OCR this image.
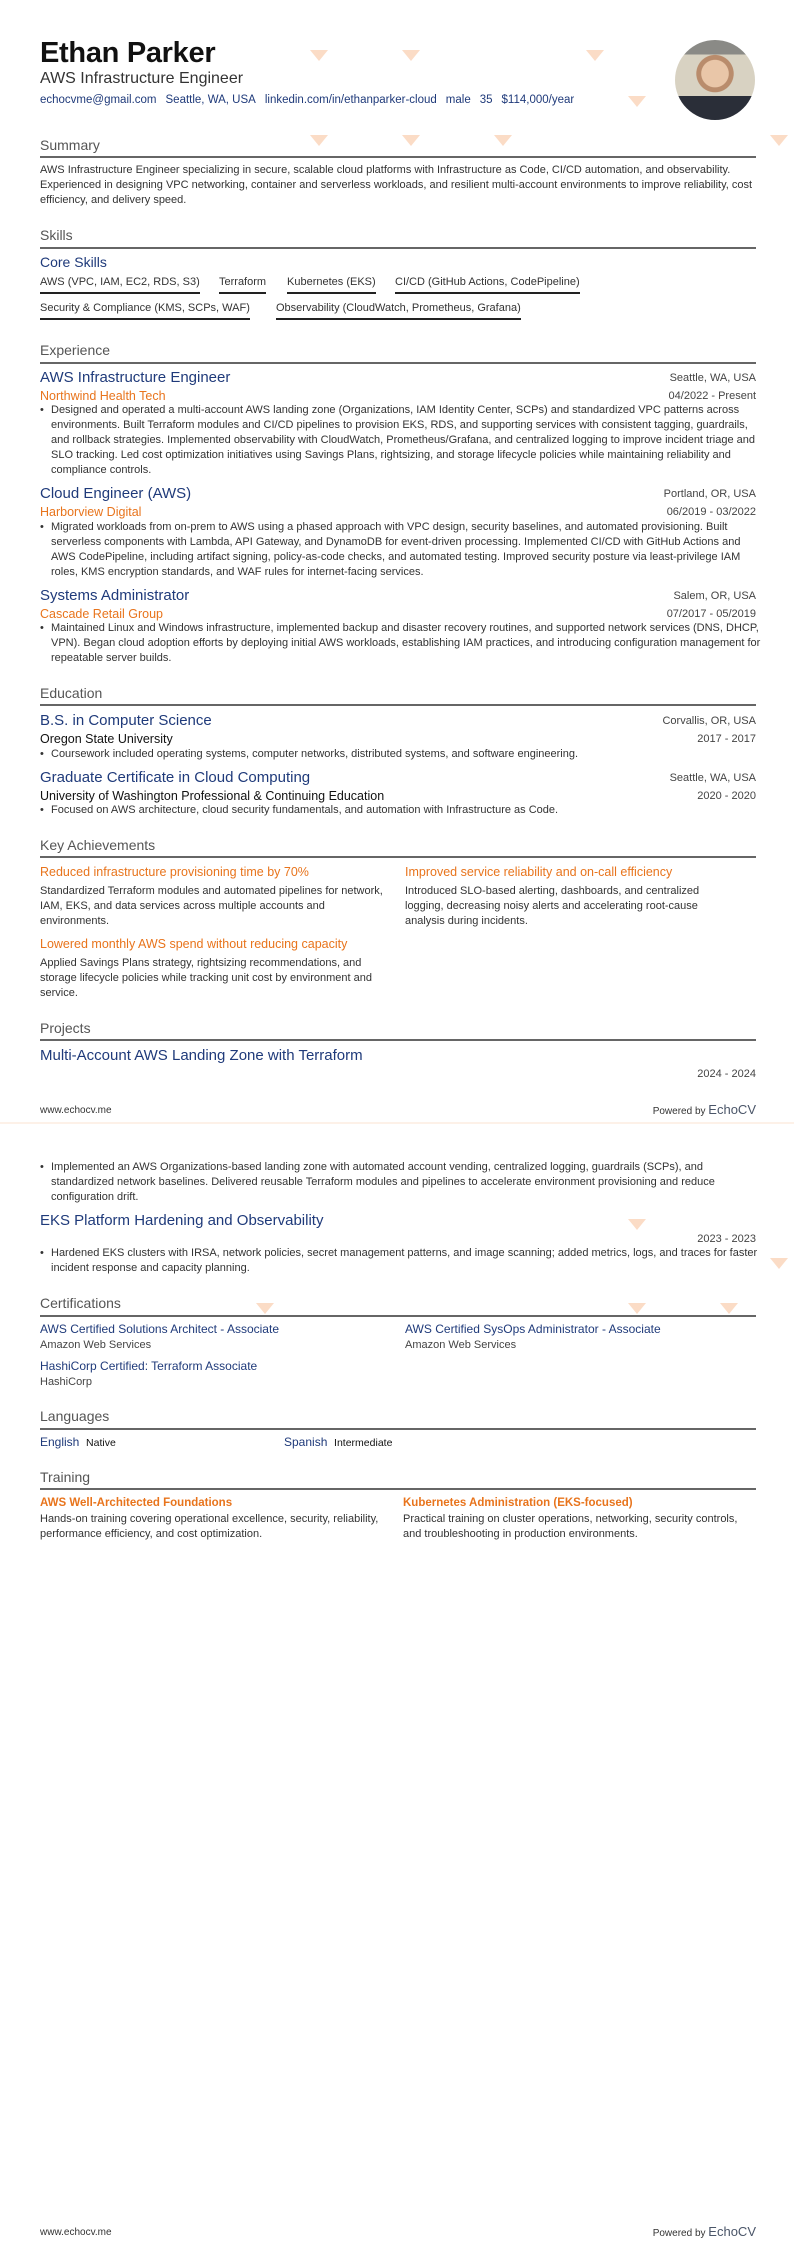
Ethan Parker
AWS Infrastructure Engineer
echocvme@gmail.com Seattle, WA, USA linkedin.com/in/ethanparker-cloud male 35 $114,000/year
Summary
AWS Infrastructure Engineer specializing in secure, scalable cloud platforms with Infrastructure as Code, CI/CD automation, and observability. Experienced in designing VPC networking, container and serverless workloads, and resilient multi-account environments to improve reliability, cost efficiency, and delivery speed.
Skills
Core Skills
AWS (VPC, IAM, EC2, RDS, S3) Terraform Kubernetes (EKS) CI/CD (GitHub Actions, CodePipeline)
Security & Compliance (KMS, SCPs, WAF) Observability (CloudWatch, Prometheus, Grafana)
Experience
AWS Infrastructure Engineer	Seattle, WA, USA
Northwind Health Tech	04/2022 - Present
• Designed and operated a multi-account AWS landing zone (Organizations, IAM Identity Center, SCPs) and standardized VPC patterns across environments. Built Terraform modules and CI/CD pipelines to provision EKS, RDS, and supporting services with consistent tagging, guardrails, and rollback strategies. Implemented observability with CloudWatch, Prometheus/Grafana, and centralized logging to improve incident triage and SLO tracking. Led cost optimization initiatives using Savings Plans, rightsizing, and storage lifecycle policies while maintaining reliability and compliance controls.
Cloud Engineer (AWS)	Portland, OR, USA
Harborview Digital	06/2019 - 03/2022
• Migrated workloads from on-prem to AWS using a phased approach with VPC design, security baselines, and automated provisioning. Built serverless components with Lambda, API Gateway, and DynamoDB for event-driven processing. Implemented CI/CD with GitHub Actions and AWS CodePipeline, including artifact signing, policy-as-code checks, and automated testing. Improved security posture via least-privilege IAM roles, KMS encryption standards, and WAF rules for internet-facing services.
Systems Administrator	Salem, OR, USA
Cascade Retail Group	07/2017 - 05/2019
• Maintained Linux and Windows infrastructure, implemented backup and disaster recovery routines, and supported network services (DNS, DHCP, VPN). Began cloud adoption efforts by deploying initial AWS workloads, establishing IAM practices, and introducing configuration management for repeatable server builds.
Education
B.S. in Computer Science	Corvallis, OR, USA
Oregon State University	2017 - 2017
• Coursework included operating systems, computer networks, distributed systems, and software engineering.
Graduate Certificate in Cloud Computing	Seattle, WA, USA
University of Washington Professional & Continuing Education	2020 - 2020
• Focused on AWS architecture, cloud security fundamentals, and automation with Infrastructure as Code.
Key Achievements
Reduced infrastructure provisioning time by 70%
Standardized Terraform modules and automated pipelines for network, IAM, EKS, and data services across multiple accounts and environments.
Improved service reliability and on-call efficiency
Introduced SLO-based alerting, dashboards, and centralized logging, decreasing noisy alerts and accelerating root-cause analysis during incidents.
Lowered monthly AWS spend without reducing capacity
Applied Savings Plans strategy, rightsizing recommendations, and storage lifecycle policies while tracking unit cost by environment and service.
Projects
Multi-Account AWS Landing Zone with Terraform
2024 - 2024
www.echocv.me	Powered by EchoCV
• Implemented an AWS Organizations-based landing zone with automated account vending, centralized logging, guardrails (SCPs), and standardized network baselines. Delivered reusable Terraform modules and pipelines to accelerate environment provisioning and reduce configuration drift.
EKS Platform Hardening and Observability
2023 - 2023
• Hardened EKS clusters with IRSA, network policies, secret management patterns, and image scanning; added metrics, logs, and traces for faster incident response and capacity planning.
Certifications
AWS Certified Solutions Architect - Associate
Amazon Web Services
AWS Certified SysOps Administrator - Associate
Amazon Web Services
HashiCorp Certified: Terraform Associate
HashiCorp
Languages
English Native	Spanish Intermediate
Training
AWS Well-Architected Foundations
Hands-on training covering operational excellence, security, reliability, performance efficiency, and cost optimization.
Kubernetes Administration (EKS-focused)
Practical training on cluster operations, networking, security controls, and troubleshooting in production environments.
www.echocv.me	Powered by EchoCV
